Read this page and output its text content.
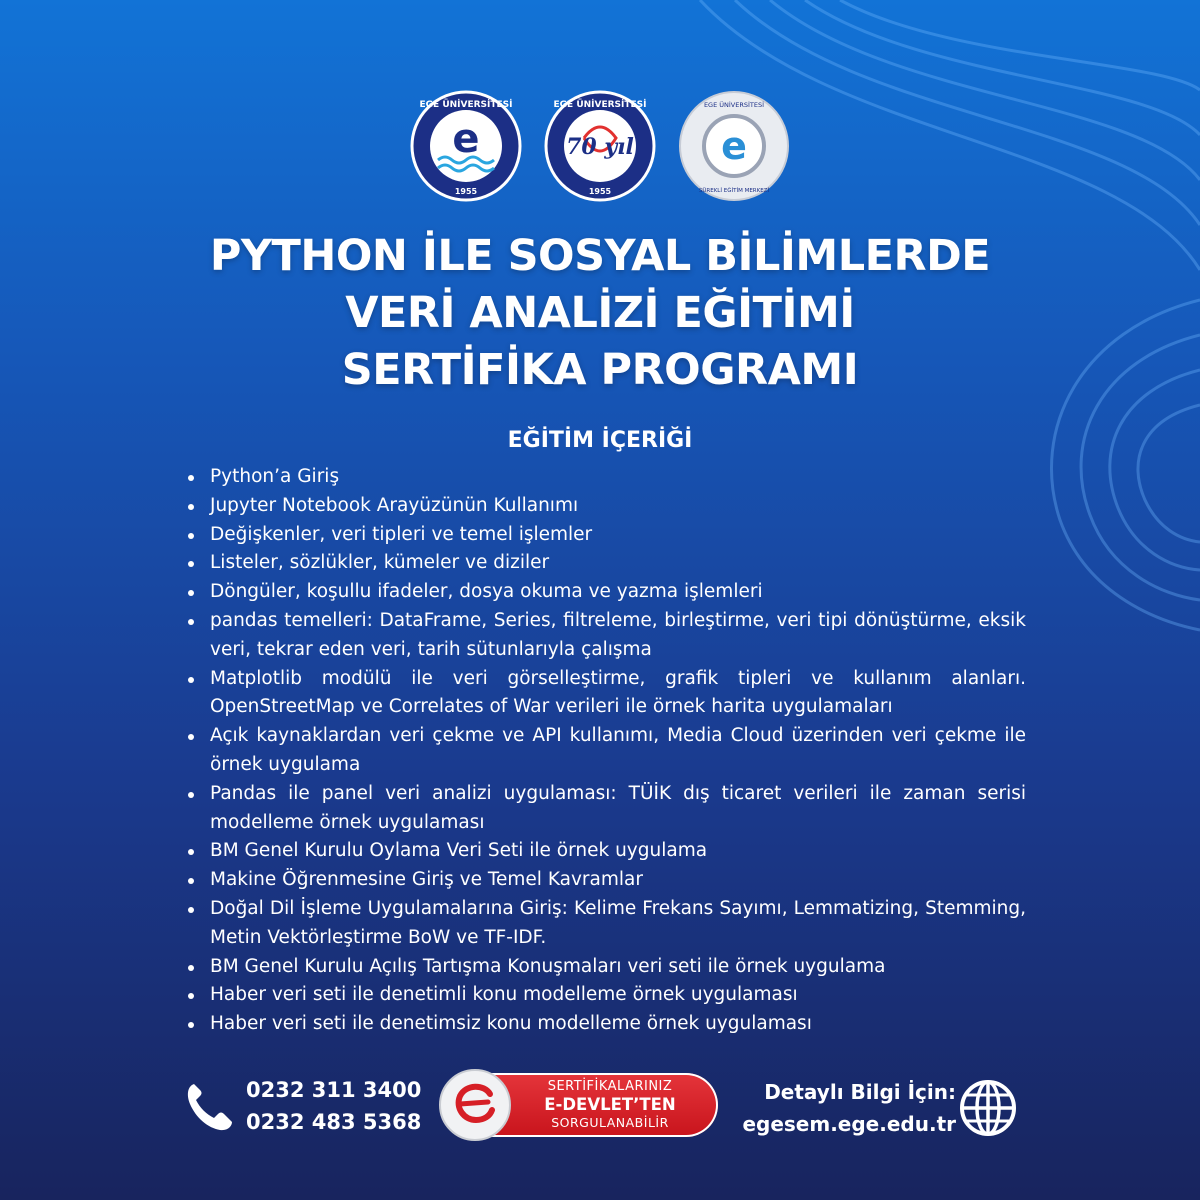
e
EGE ÜNİVERSİTESİ
1955
70 yıl
EGE ÜNİVERSİTESİ
1955
e
EGE ÜNİVERSİTESİ
SÜREKLİ EĞİTİM MERKEZİ
PYTHON İLE SOSYAL BİLİMLERDE
VERİ ANALİZİ EĞİTİMİ
SERTİFİKA PROGRAMI
EĞİTİM İÇERİĞİ
Python’a Giriş
Jupyter Notebook Arayüzünün Kullanımı
Değişkenler, veri tipleri ve temel işlemler
Listeler, sözlükler, kümeler ve diziler
Döngüler, koşullu ifadeler, dosya okuma ve yazma işlemleri
pandas temelleri: DataFrame, Series, filtreleme, birleştirme, veri tipi dönüştürme, eksik veri, tekrar eden veri, tarih sütunlarıyla çalışma
Matplotlib modülü ile veri görselleştirme, grafik tipleri ve kullanım alanları. OpenStreetMap ve Correlates of War verileri ile örnek harita uygulamaları
Açık kaynaklardan veri çekme ve API kullanımı, Media Cloud üzerinden veri çekme ile örnek uygulama
Pandas ile panel veri analizi uygulaması: TÜİK dış ticaret verileri ile zaman serisi modelleme örnek uygulaması
BM Genel Kurulu Oylama Veri Seti ile örnek uygulama
Makine Öğrenmesine Giriş ve Temel Kavramlar
Doğal Dil İşleme Uygulamalarına Giriş: Kelime Frekans Sayımı, Lemmatizing, Stemming, Metin Vektörleştirme BoW ve TF-IDF.
BM Genel Kurulu Açılış Tartışma Konuşmaları veri seti ile örnek uygulama
Haber veri seti ile denetimli konu modelleme örnek uygulaması
Haber veri seti ile denetimsiz konu modelleme örnek uygulaması
0232 311 3400
0232 483 5368
SERTİFİKALARINIZ
E-DEVLET’TEN
SORGULANABİLİR
Detaylı Bilgi İçin:
egesem.ege.edu.tr
